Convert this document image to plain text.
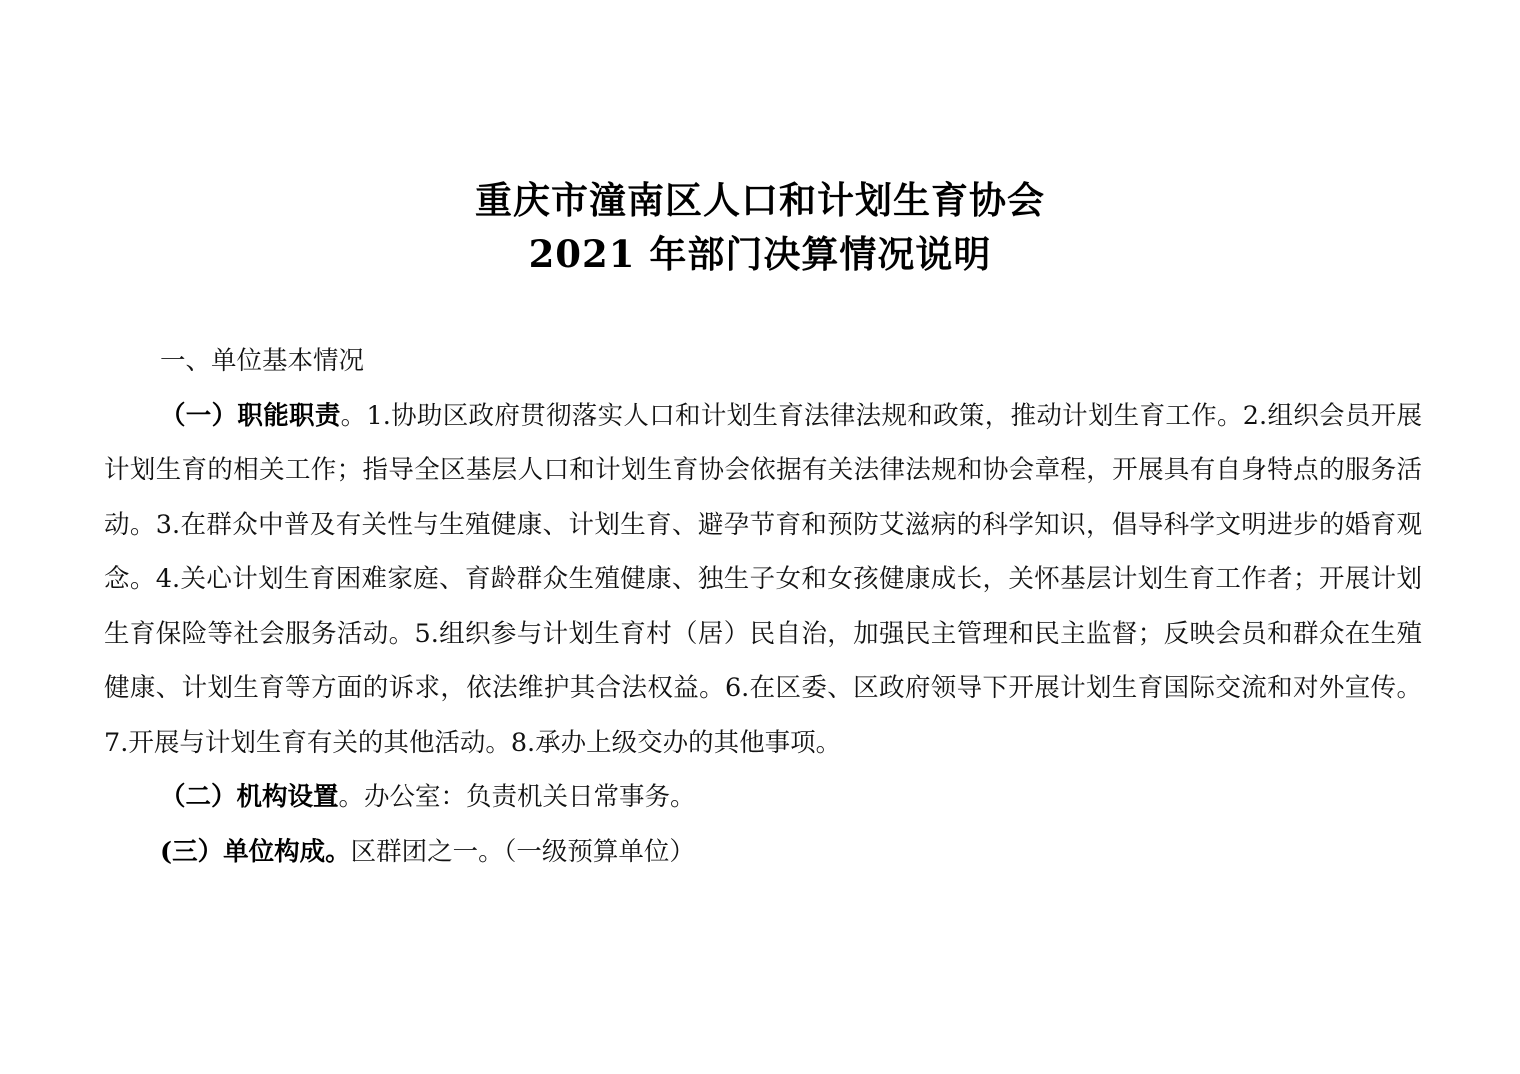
重庆市潼南区人口和计划生育协会
2021 年部门决算情况说明

一、单位基本情况

（一）职能职责。1.协助区政府贯彻落实人口和计划生育法律法规和政策，推动计划生育工作。2.组织会员开展计划生育的相关工作；指导全区基层人口和计划生育协会依据有关法律法规和协会章程，开展具有自身特点的服务活动。3.在群众中普及有关性与生殖健康、计划生育、避孕节育和预防艾滋病的科学知识，倡导科学文明进步的婚育观念。4.关心计划生育困难家庭、育龄群众生殖健康、独生子女和女孩健康成长，关怀基层计划生育工作者；开展计划生育保险等社会服务活动。5.组织参与计划生育村（居）民自治，加强民主管理和民主监督；反映会员和群众在生殖健康、计划生育等方面的诉求，依法维护其合法权益。6.在区委、区政府领导下开展计划生育国际交流和对外宣传。7.开展与计划生育有关的其他活动。8.承办上级交办的其他事项。

（二）机构设置。办公室：负责机关日常事务。

(三）单位构成。区群团之一。（一级预算单位）
